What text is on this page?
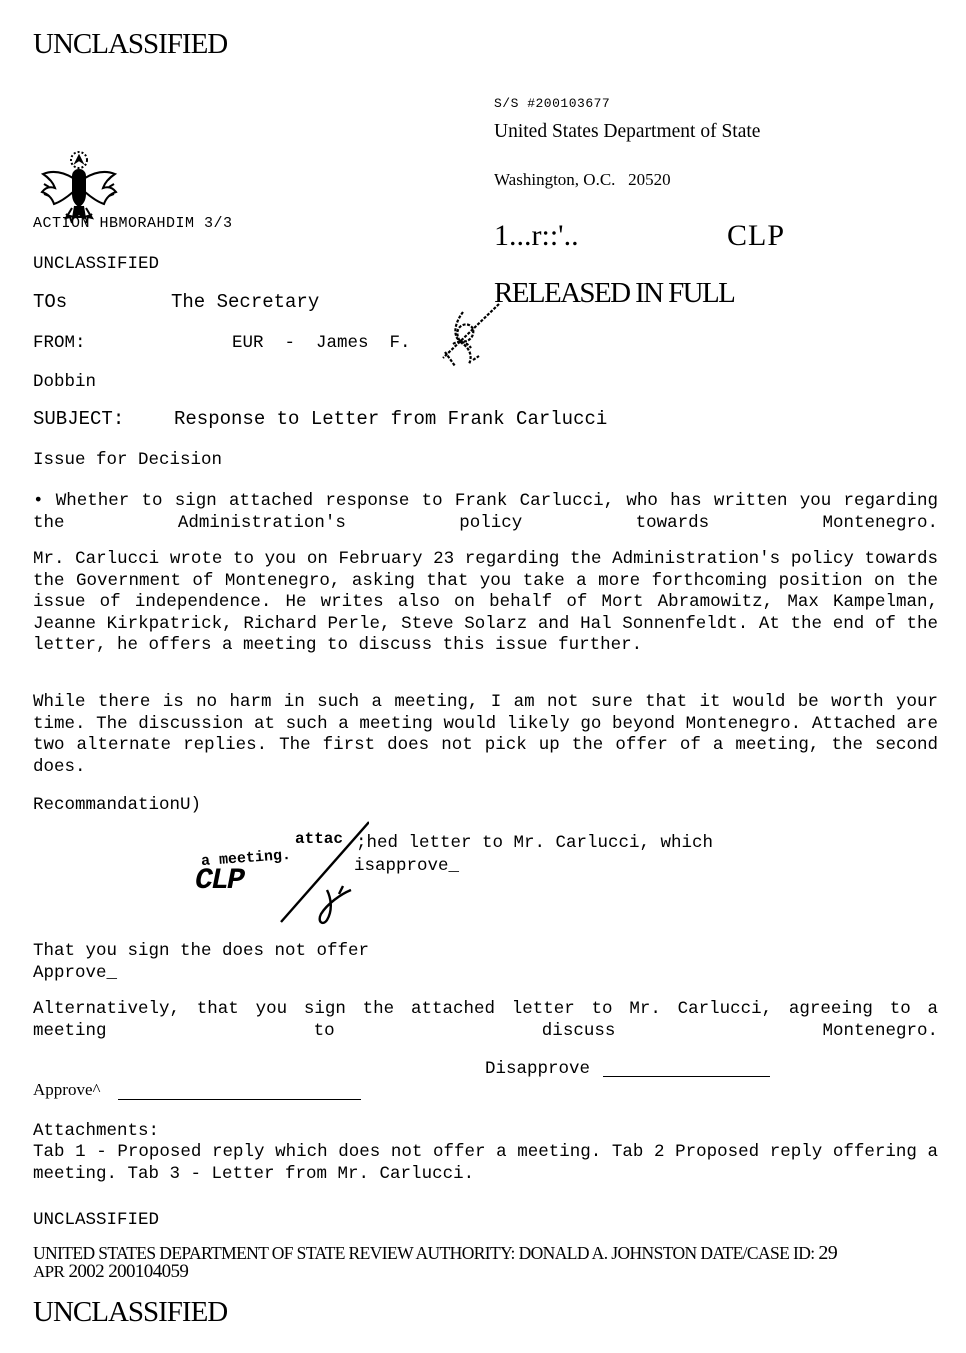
UNCLASSIFIED
S/S #200103677
United States Department of State
Washington, O.C.   20520
1...r::'..	CLP
RELEASED IN FULL

ACTION HBMORAHDIM 3/3
UNCLASSIFIED
TOs	The Secretary
FROM:	EUR  -  James  F.
Dobbin
SUBJECT:	Response to Letter from Frank Carlucci
Issue for Decision
• Whether to sign attached response to Frank Carlucci, who has written you regarding the Administration's policy towards Montenegro.
Mr. Carlucci wrote to you on February 23 regarding the Administration's policy towards the Government of Montenegro, asking that you take a more forthcoming position on the issue of independence. He writes also on behalf of Mort Abramowitz, Max Kampelman, Jeanne Kirkpatrick, Richard Perle, Steve Solarz and Hal Sonnenfeldt. At the end of the letter, he offers a meeting to discuss this issue further.
While there is no harm in such a meeting, I am not sure that it would be worth your time. The discussion at such a meeting would likely go beyond Montenegro. Attached are two alternate replies. The first does not pick up the offer of a meeting, the second does.
RecommandationU)

attac

a meeting.

CLP

;hed letter to Mr. Carlucci, which
isapprove_
That you sign the does not offer
Approve_
Alternatively, that you sign the attached letter to Mr. Carlucci, agreeing to a meeting to discuss Montenegro.
Disapprove
Approve^
Attachments:
Tab 1 - Proposed reply which does not offer a meeting. Tab 2 Proposed reply offering a meeting. Tab 3 - Letter from Mr. Carlucci.
UNCLASSIFIED
UNITED STATES DEPARTMENT OF STATE REVIEW AUTHORITY: DONALD A. JOHNSTON DATE/CASE ID: 29
APR 2002 200104059
UNCLASSIFIED
